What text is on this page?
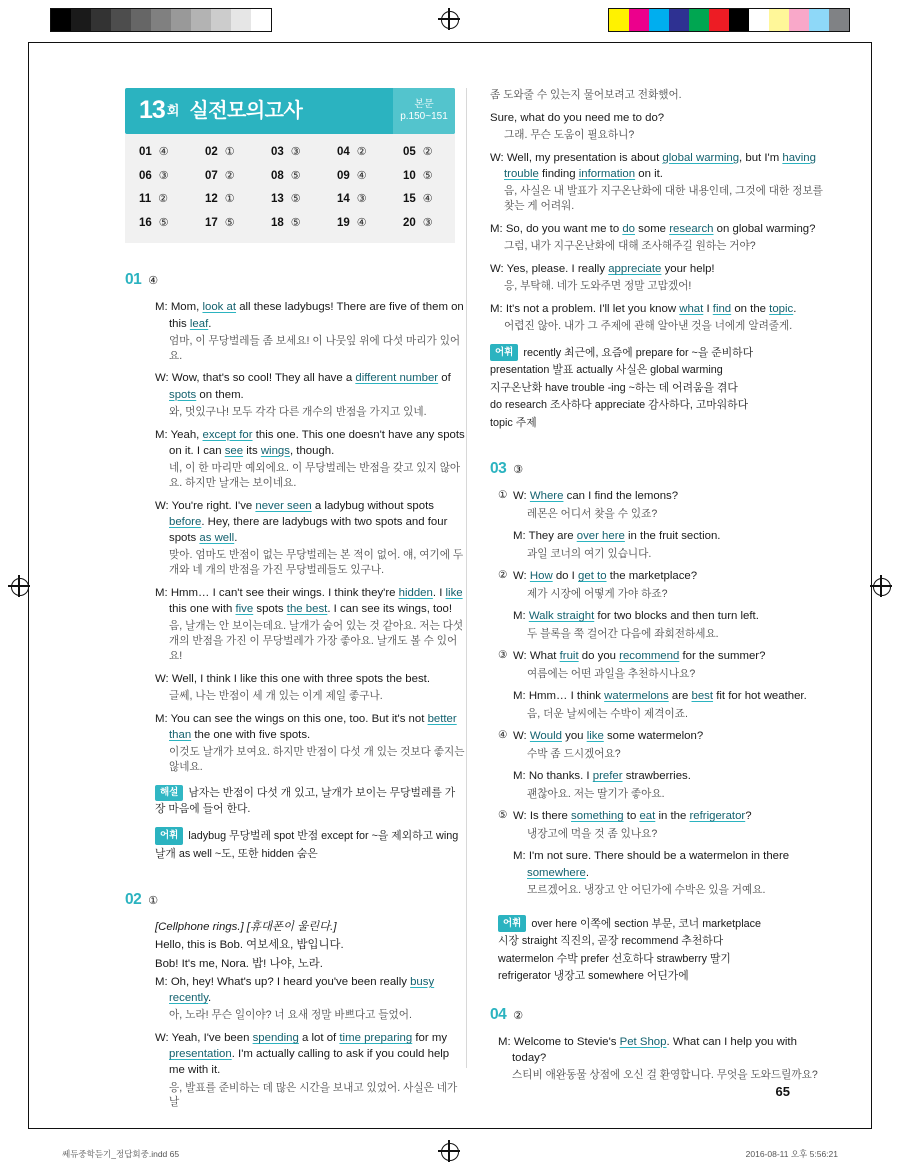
13 회 실전모의고사	본문
p.150~151
01 ④	02 ①	03 ③	04 ②	05 ②
06 ③	07 ②	08 ⑤	09 ④	10 ⑤
11 ②	12 ①	13 ⑤	14 ③	15 ④
16 ⑤	17 ⑤	18 ⑤	19 ④	20 ③
01 ④
M: Mom, look at all these ladybugs! There are five of them on this leaf.
엄마, 이 무당벌레들 좀 보세요! 이 나뭇잎 위에 다섯 마리가 있어요.
W: Wow, that's so cool! They all have a different number of spots on them.
와, 멋있구나! 모두 각각 다른 개수의 반점을 가지고 있네.
M: Yeah, except for this one. This one doesn't have any spots on it. I can see its wings, though.
네, 이 한 마리만 예외에요. 이 무당벌레는 반점을 갖고 있지 않아요. 하지만 날개는 보이네요.
W: You're right. I've never seen a ladybug without spots before. Hey, there are ladybugs with two spots and four spots as well.
맞아. 엄마도 반점이 없는 무당벌레는 본 적이 없어. 얘, 여기에 두 개와 네 개의 반점을 가진 무당벌레들도 있구나.
M: Hmm… I can't see their wings. I think they're hidden. I like this one with five spots the best. I can see its wings, too!
음, 날개는 안 보이는데요. 날개가 숨어 있는 것 같아요. 저는 다섯 개의 반점을 가진 이 무당벌레가 가장 좋아요. 날개도 볼 수 있어요!
W: Well, I think I like this one with three spots the best.
글쎄, 나는 반점이 세 개 있는 이게 제일 좋구나.
M: You can see the wings on this one, too. But it's not better than the one with five spots.
이것도 날개가 보여요. 하지만 반점이 다섯 개 있는 것보다 좋지는 않네요.
해설 남자는 반점이 다섯 개 있고, 날개가 보이는 무당벌레를 가장 마음에 들어 한다.
어휘 ladybug 무당벌레 spot 반점 except for ~을 제외하고 wing 날개 as well ~도, 또한 hidden 숨은
02 ①
[Cellphone rings.] [휴대폰이 울린다.]
Hello, this is Bob. 여보세요, 밥입니다.
Bob! It's me, Nora. 밥! 나야, 노라.
M: Oh, hey! What's up? I heard you've been really busy recently.
아, 노라! 무슨 일이야? 너 요새 정말 바쁘다고 들었어.
W: Yeah, I've been spending a lot of time preparing for my presentation. I'm actually calling to ask if you could help me with it.
응, 발표를 준비하는 데 많은 시간을 보내고 있었어. 사실은 네가 날
좀 도와줄 수 있는지 물어보려고 전화했어.
Sure, what do you need me to do?
그래. 무슨 도움이 필요하니?
W: Well, my presentation is about global warming, but I'm having trouble finding information on it.
음, 사실은 내 발표가 지구온난화에 대한 내용인데, 그것에 대한 정보를 찾는 게 어려워.
M: So, do you want me to do some research on global warming?
그럼, 내가 지구온난화에 대해 조사해주길 원하는 거야?
W: Yes, please. I really appreciate your help!
응, 부탁해. 네가 도와주면 정말 고맙겠어!
M: It's not a problem. I'll let you know what I find on the topic.
어렵진 않아. 내가 그 주제에 관해 알아낸 것을 너에게 알려줄게.
어휘 recently 최근에, 요즘에 prepare for ~을 준비하다
presentation 발표 actually 사실은 global warming
지구온난화 have trouble -ing ~하는 데 어려움을 겪다
do research 조사하다 appreciate 감사하다, 고마워하다
topic 주제
03 ③
① W: Where can I find the lemons?
레몬은 어디서 찾을 수 있죠?
M: They are over here in the fruit section.
과일 코너의 여기 있습니다.
② W: How do I get to the marketplace?
제가 시장에 어떻게 가야 하죠?
M: Walk straight for two blocks and then turn left.
두 블록을 쭉 걸어간 다음에 좌회전하세요.
③ W: What fruit do you recommend for the summer?
여름에는 어떤 과일을 추천하시나요?
M: Hmm… I think watermelons are best fit for hot weather.
음, 더운 날씨에는 수박이 제격이죠.
④ W: Would you like some watermelon?
수박 좀 드시겠어요?
M: No thanks. I prefer strawberries.
괜찮아요. 저는 딸기가 좋아요.
⑤ W: Is there something to eat in the refrigerator?
냉장고에 먹을 것 좀 있나요?
M: I'm not sure. There should be a watermelon in there somewhere.
모르겠어요. 냉장고 안 어딘가에 수박은 있을 거예요.
어휘 over here 이쪽에 section 부문, 코너 marketplace
시장 straight 직진의, 곧장 recommend 추천하다
watermelon 수박 prefer 선호하다 strawberry 딸기
refrigerator 냉장고 somewhere 어딘가에
04 ②
M: Welcome to Stevie's Pet Shop. What can I help you with today?
스티비 애완동물 상점에 오신 걸 환영합니다. 무엇을 도와드릴까요?
65
쎄듀중학듣기_정답회중.indd 65	2016-08-11 오후 5:56:21
